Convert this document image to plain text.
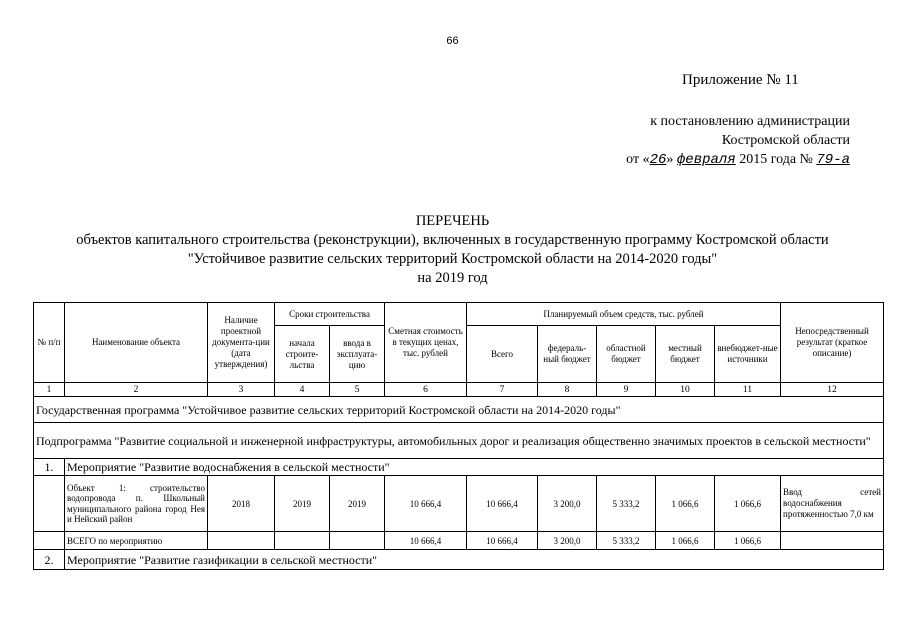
66
Приложение № 11
к постановлению администрации
Костромской области
от «26» февраля 2015 года № 79-а
ПЕРЕЧЕНЬ
объектов капитального строительства (реконструкции), включенных в государственную программу Костромской области
"Устойчивое развитие сельских территорий Костромской области на 2014-2020 годы"
на 2019 год
№ п/п	Наименование объекта	Наличие проектной документа-ции (дата утверждения)	Сроки строительства		Сметная стоимость в текущих ценах, тыс. рублей	Планируемый объем средств, тыс. рублей					Непосредственный результат (краткое описание)
			начала строите-льства	ввода в эксплуата-цию		Всего	федераль-ный бюджет	областной бюджет	местный бюджет	внебюджет-ные источники	
1	2	3	4	5	6	7	8	9	10	11	12
Государственная программа "Устойчивое развитие сельских территорий Костромской области на 2014-2020 годы"											
Подпрограмма "Развитие социальной и инженерной инфраструктуры, автомобильных дорог и реализация общественно значимых проектов в сельской местности"											
1.	Мероприятие "Развитие водоснабжения в сельской местности"										
	Объект 1: строительство водопровода п. Школьный муниципального района город Нея и Нейский район	2018	2019	2019	10 666,4	10 666,4	3 200,0	5 333,2	1 066,6	1 066,6	Ввод сетей водоснабжения протяженностью 7,0 км
	ВСЕГО по мероприятию				10 666,4	10 666,4	3 200,0	5 333,2	1 066,6	1 066,6	
2.	Мероприятие "Развитие газификации в сельской местности"										
